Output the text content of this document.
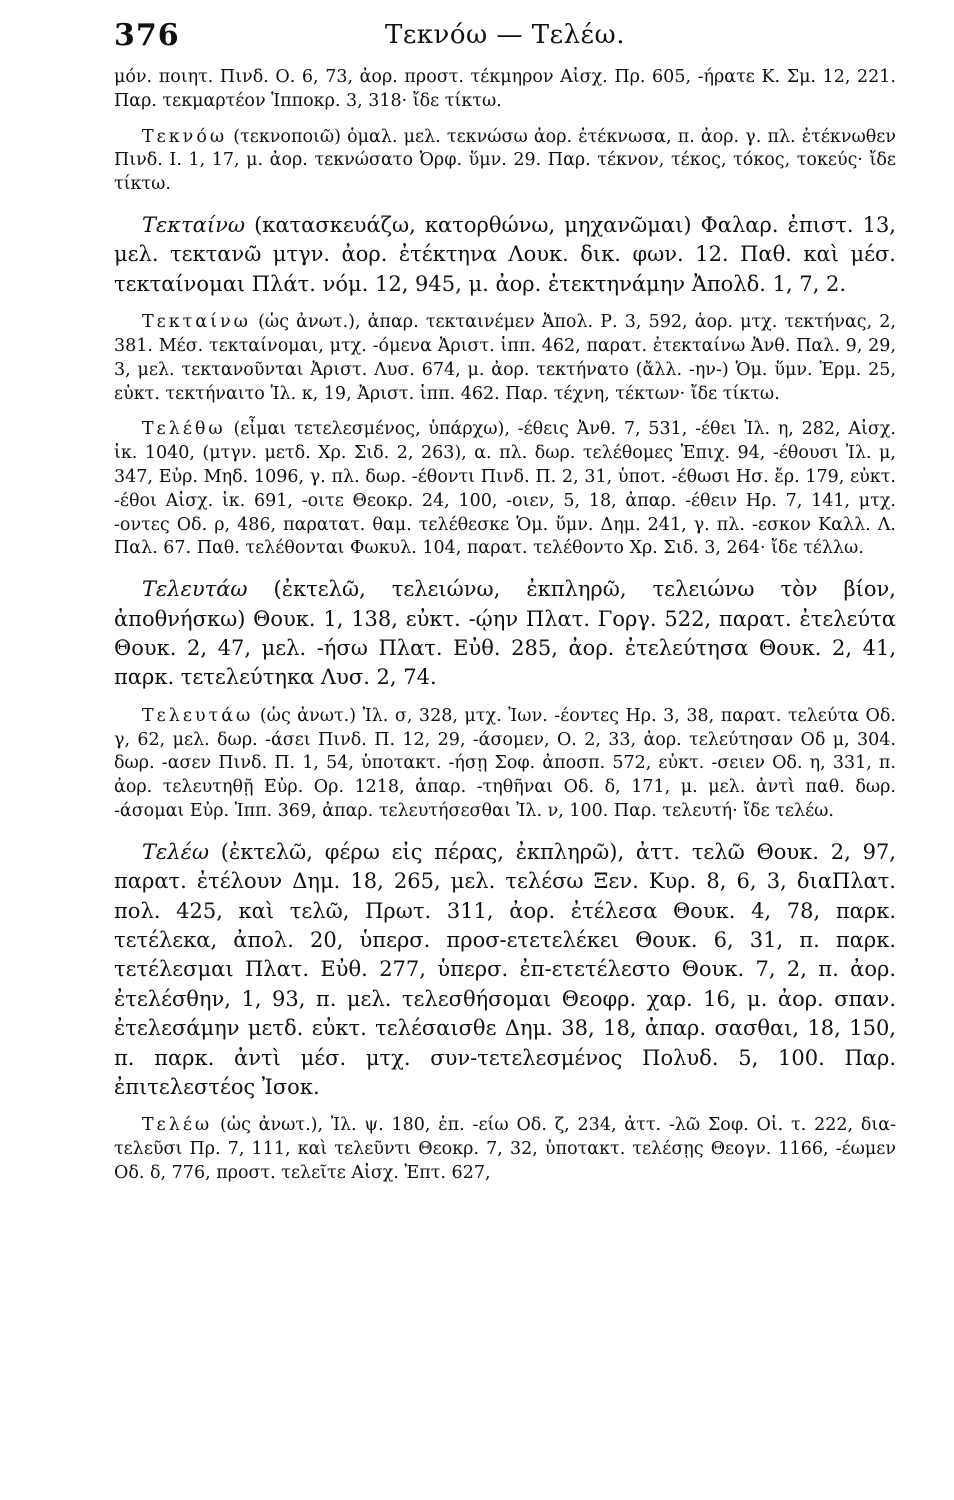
376	Τεκνόω — Τελέω.

μόν. ποιητ. Πινδ. Ο. 6, 73, ἀορ. προστ. τέκμηρον Αἰσχ. Πρ. 605, -ήρατε Κ. Σμ. 12, 221. Παρ. τεκμαρτέον Ἱπποκρ. 3, 318· ἴδε τίκτω.

Τεκνόω (τεκνοποιῶ) ὁμαλ. μελ. τεκνώσω ἀορ. ἐτέκνωσα, π. ἀορ. γ. πλ. ἐτέκνωθεν Πινδ. Ι. 1, 17, μ. ἀορ. τεκνώσατο Ὀρφ. ὕμν. 29. Παρ. τέκνον, τέκος, τόκος, τοκεύς· ἴδε τίκτω.

Τεκταίνω (κατασκευάζω, κατορθώνω, μηχανῶμαι) Φαλαρ. ἐπιστ. 13, μελ. τεκτανῶ μτγν. ἀορ. ἐτέκτηνα Λουκ. δικ. φων. 12. Παθ. καὶ μέσ. τεκταίνομαι Πλάτ. νόμ. 12, 945, μ. ἀορ. ἐτεκτηνάμην Ἀπολδ. 1, 7, 2.

Τεκταίνω (ὡς ἀνωτ.), ἀπαρ. τεκταινέμεν Ἀπολ. Ρ. 3, 592, ἀορ. μτχ. τεκτήνας, 2, 381. Μέσ. τεκταίνομαι, μτχ. -όμενα Ἀριστ. ἱππ. 462, παρατ. ἐτεκταίνω Ἀνθ. Παλ. 9, 29, 3, μελ. τεκτανοῦνται Ἀριστ. Λυσ. 674, μ. ἀορ. τεκτήνατο (ἄλλ. -ην-) Ὁμ. ὕμν. Ἑρμ. 25, εὐκτ. τεκτήναιτο Ἰλ. κ, 19, Ἀριστ. ἱππ. 462. Παρ. τέχνη, τέκτων· ἴδε τίκτω.

Τελέθω (εἶμαι τετελεσμένος, ὑπάρχω), -έθεις Ἀνθ. 7, 531, -έθει Ἰλ. η, 282, Αἰσχ. ἱκ. 1040, (μτγν. μετδ. Χρ. Σιδ. 2, 263), α. πλ. δωρ. τελέθομες Ἐπιχ. 94, -έθουσι Ἰλ. μ, 347, Εὐρ. Μηδ. 1096, γ. πλ. δωρ. -έθοντι Πινδ. Π. 2, 31, ὑποτ. -έθωσι Ησ. ἔρ. 179, εὐκτ. -έθοι Αἰσχ. ἱκ. 691, -οιτε Θεοκρ. 24, 100, -οιεν, 5, 18, ἀπαρ. -έθειν Ηρ. 7, 141, μτχ. -οντες Οδ. ρ, 486, παρατατ. θαμ. τελέθεσκε Ὁμ. ὕμν. Δημ. 241, γ. πλ. -εσκον Καλλ. Λ. Παλ. 67. Παθ. τελέθονται Φωκυλ. 104, παρατ. τελέθοντο Χρ. Σιδ. 3, 264· ἴδε τέλλω.

Τελευτάω (ἐκτελῶ, τελειώνω, ἐκπληρῶ, τελειώνω τὸν βίον, ἀποθνήσκω) Θουκ. 1, 138, εὐκτ. -ῴην Πλατ. Γοργ. 522, παρατ. ἐτελεύτα Θουκ. 2, 47, μελ. -ήσω Πλατ. Εὐθ. 285, ἀορ. ἐτελεύτησα Θουκ. 2, 41, παρκ. τετελεύτηκα Λυσ. 2, 74.

Τελευτάω (ὡς ἀνωτ.) Ἰλ. σ, 328, μτχ. Ἰων. -έοντες Ηρ. 3, 38, παρατ. τελεύτα Οδ. γ, 62, μελ. δωρ. -άσει Πινδ. Π. 12, 29, -άσομεν, Ο. 2, 33, ἀορ. τελεύτησαν Οδ μ, 304. δωρ. -ασεν Πινδ. Π. 1, 54, ὑποτακτ. -ήσῃ Σοφ. ἀποσπ. 572, εὐκτ. -σειεν Οδ. η, 331, π. ἀορ. τελευτηθῇ Εὐρ. Ορ. 1218, ἀπαρ. -τηθῆναι Οδ. δ, 171, μ. μελ. ἀντὶ παθ. δωρ. -άσομαι Εὐρ. Ἱππ. 369, ἀπαρ. τελευτήσεσθαι Ἰλ. ν, 100. Παρ. τελευτή· ἴδε τελέω.

Τελέω (ἐκτελῶ, φέρω εἰς πέρας, ἐκπληρῶ), ἀττ. τελῶ Θουκ. 2, 97, παρατ. ἐτέλουν Δημ. 18, 265, μελ. τελέσω Ξεν. Κυρ. 8, 6, 3, διαΠλατ. πολ. 425, καὶ τελῶ, Πρωτ. 311, ἀορ. ἐτέλεσα Θουκ. 4, 78, παρκ. τετέλεκα, ἀπολ. 20, ὑπερσ. προσ-ετετελέκει Θουκ. 6, 31, π. παρκ. τετέλεσμαι Πλατ. Εὐθ. 277, ὑπερσ. ἐπ-ετετέλεστο Θουκ. 7, 2, π. ἀορ. ἐτελέσθην, 1, 93, π. μελ. τελεσθήσομαι Θεοφρ. χαρ. 16, μ. ἀορ. σπαν. ἐτελεσάμην μετδ. εὐκτ. τελέσαισθε Δημ. 38, 18, ἀπαρ. σασθαι, 18, 150, π. παρκ. ἀντὶ μέσ. μτχ. συν-τετελεσμένος Πολυδ. 5, 100. Παρ. ἐπιτελεστέος Ἰσοκ.

Τελέω (ὡς ἀνωτ.), Ἰλ. ψ. 180, ἐπ. -είω Οδ. ζ, 234, ἀττ. -λῶ Σοφ. Οἰ. τ. 222, δια-τελεῦσι Πρ. 7, 111, καὶ τελεῦντι Θεοκρ. 7, 32, ὑποτακτ. τελέσῃς Θεογν. 1166, -έωμεν Οδ. δ, 776, προστ. τελεῖτε Αἰσχ. Ἑπτ. 627,
